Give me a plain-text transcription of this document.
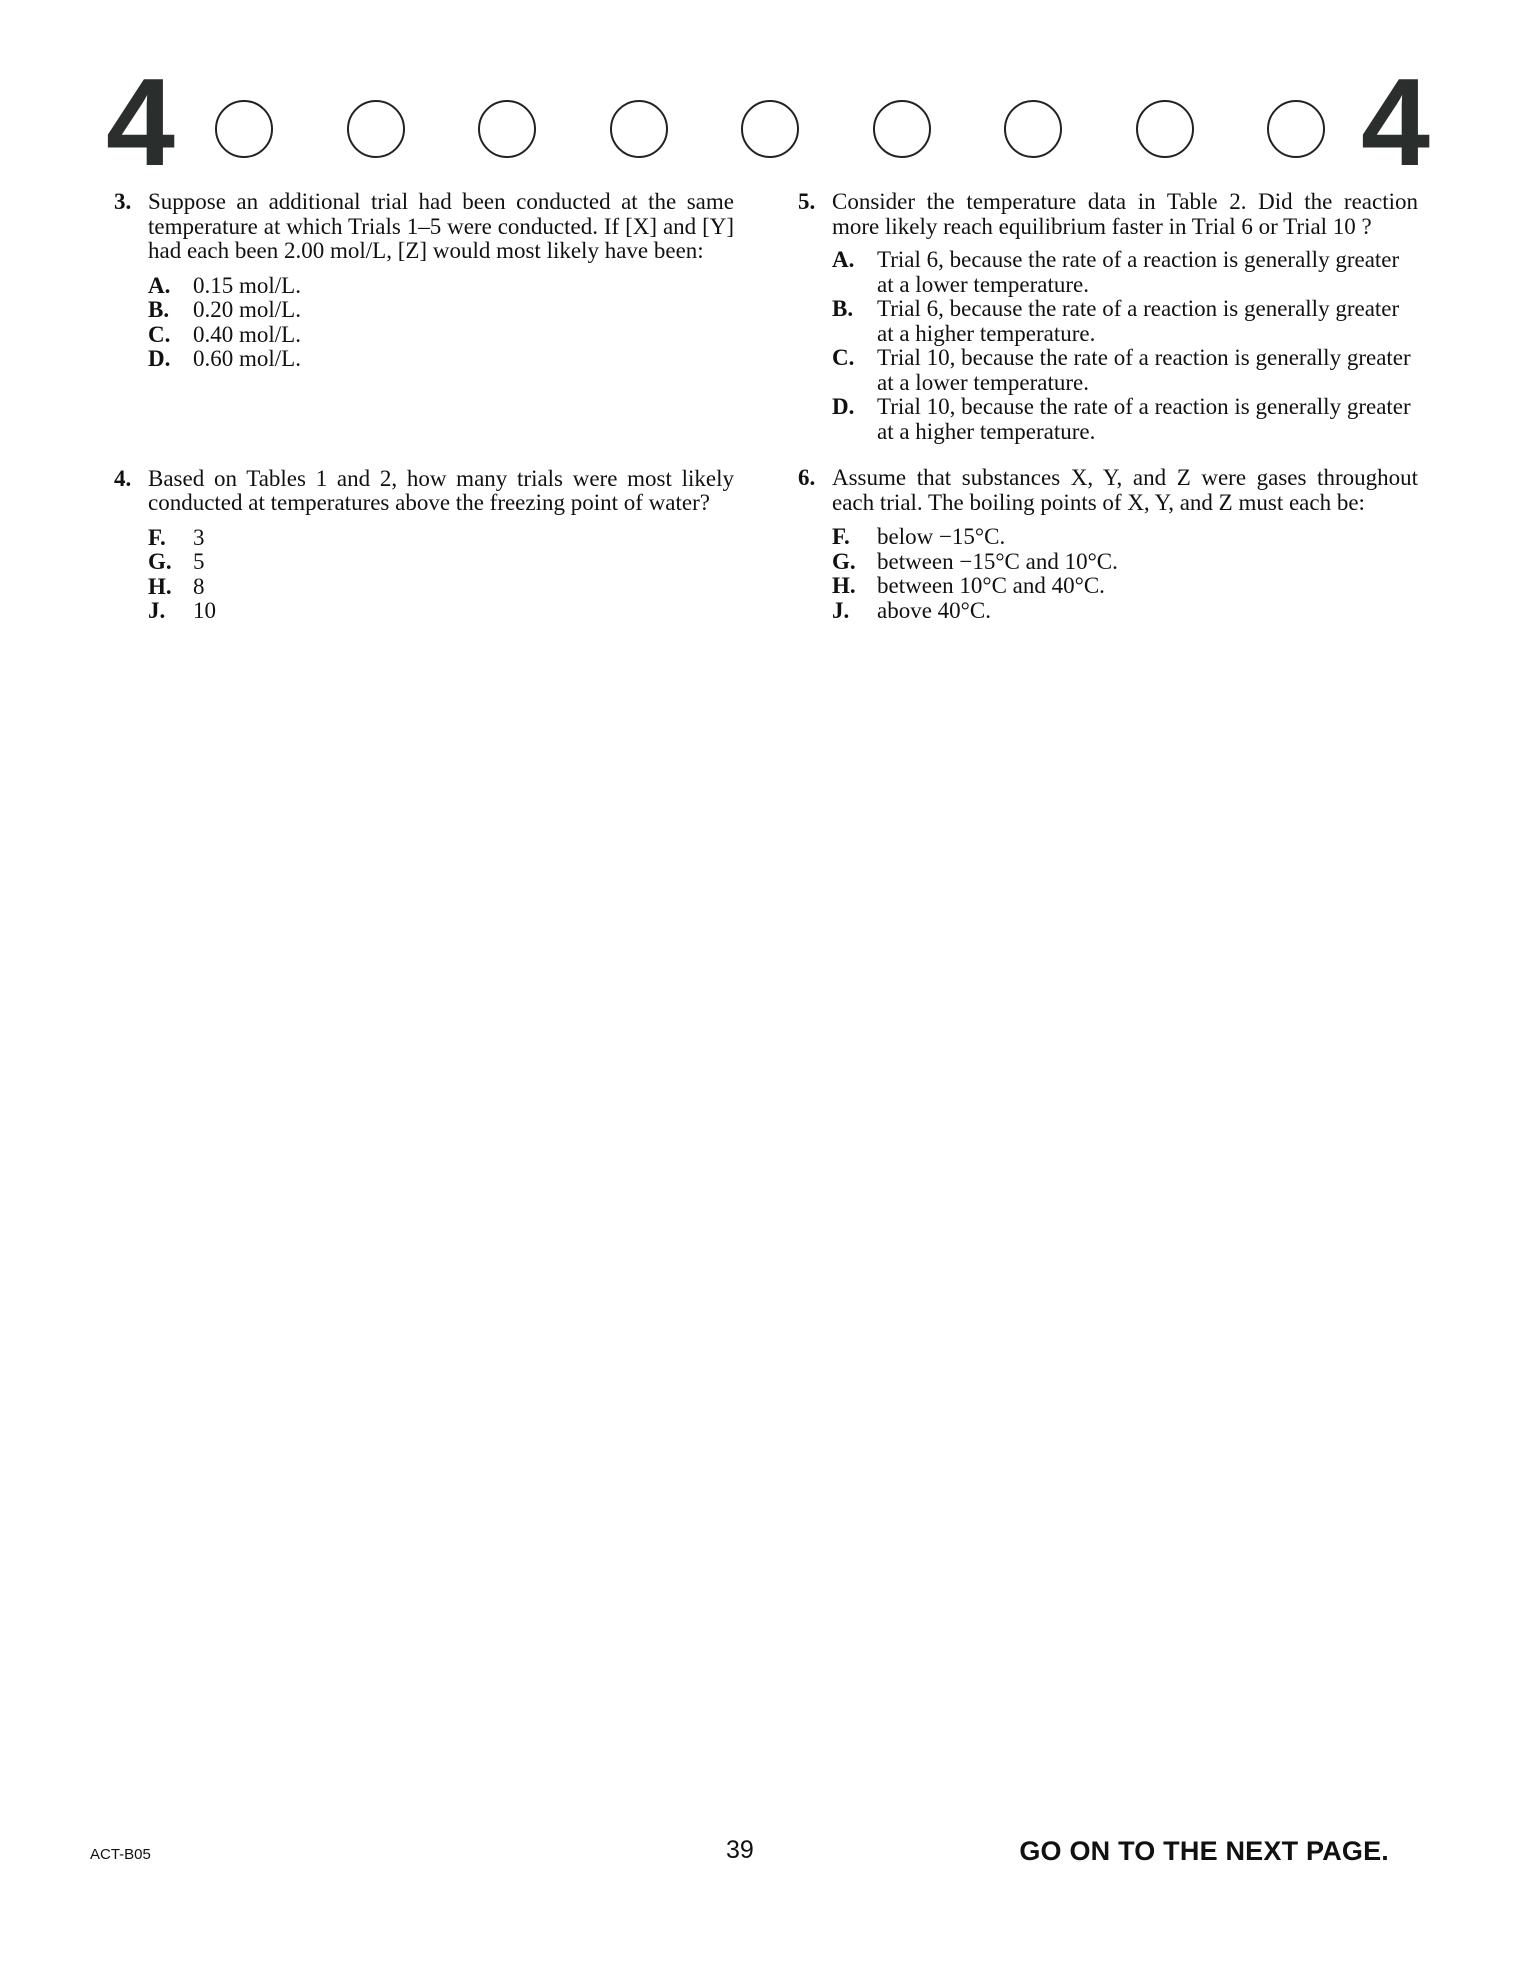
4	4
3. Suppose an additional trial had been conducted at the same temperature at which Trials 1–5 were conducted. If [X] and [Y] had each been 2.00 mol/L, [Z] would most likely have been:

A. 0.15 mol/L.
B. 0.20 mol/L.
C. 0.40 mol/L.
D. 0.60 mol/L.
4. Based on Tables 1 and 2, how many trials were most likely conducted at temperatures above the freezing point of water?

F. 3
G. 5
H. 8
J. 10
5. Consider the temperature data in Table 2. Did the reaction more likely reach equilibrium faster in Trial 6 or Trial 10 ?

A. Trial 6, because the rate of a reaction is generally greater at a lower temperature.
B. Trial 6, because the rate of a reaction is generally greater at a higher temperature.
C. Trial 10, because the rate of a reaction is generally greater at a lower temperature.
D. Trial 10, because the rate of a reaction is generally greater at a higher temperature.
6. Assume that substances X, Y, and Z were gases throughout each trial. The boiling points of X, Y, and Z must each be:

F. below −15°C.
G. between −15°C and 10°C.
H. between 10°C and 40°C.
J. above 40°C.
ACT-B05	39	GO ON TO THE NEXT PAGE.
